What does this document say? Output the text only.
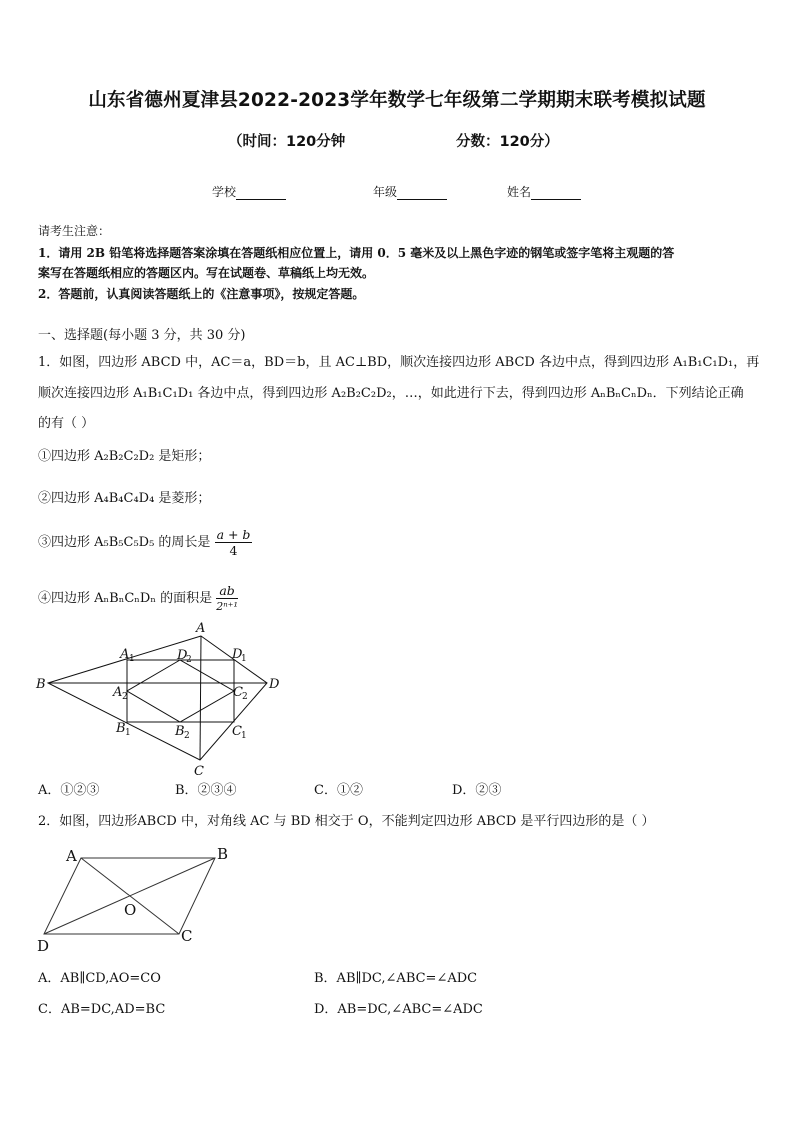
山东省德州夏津县2022-2023学年数学七年级第二学期期末联考模拟试题
（时间：120分钟	分数：120分）
学校	年级	姓名
请考生注意：
1．请用 2B 铅笔将选择题答案涂填在答题纸相应位置上，请用 0．5 毫米及以上黑色字迹的钢笔或签字笔将主观题的答
案写在答题纸相应的答题区内。写在试题卷、草稿纸上均无效。
2．答题前，认真阅读答题纸上的《注意事项》，按规定答题。
一、选择题(每小题 3 分，共 30 分)
1．如图，四边形 ABCD 中，AC＝a，BD＝b，且 AC⊥BD，顺次连接四边形 ABCD 各边中点，得到四边形 A₁B₁C₁D₁，再
顺次连接四边形 A₁B₁C₁D₁ 各边中点，得到四边形 A₂B₂C₂D₂，…，如此进行下去，得到四边形 AₙBₙCₙDₙ．下列结论正确
的有（ ）
①四边形 A₂B₂C₂D₂ 是矩形；
②四边形 A₄B₄C₄D₄ 是菱形；
③四边形 A₅B₅C₅D₅ 的周长是 $\frac{a + b}{4}$
④四边形 AₙBₙCₙDₙ 的面积是 $\frac{ab}{\text{2ⁿ⁺¹}}$
A
B
C
D
A 1
B 1	C 1
D
1
A 2
B 2
C 2
D
2
A．①②③	B．②③④	C．①②	D．②③
2．如图，四边形ABCD 中，对角线 AC 与 BD 相交于 O，不能判定四边形 ABCD 是平行四边形的是（ ）
A	B
C
D
O
A．AB∥CD,AO=CO	B．AB∥DC,∠ABC=∠ADC
C．AB=DC,AD=BC	D．AB=DC,∠ABC=∠ADC
